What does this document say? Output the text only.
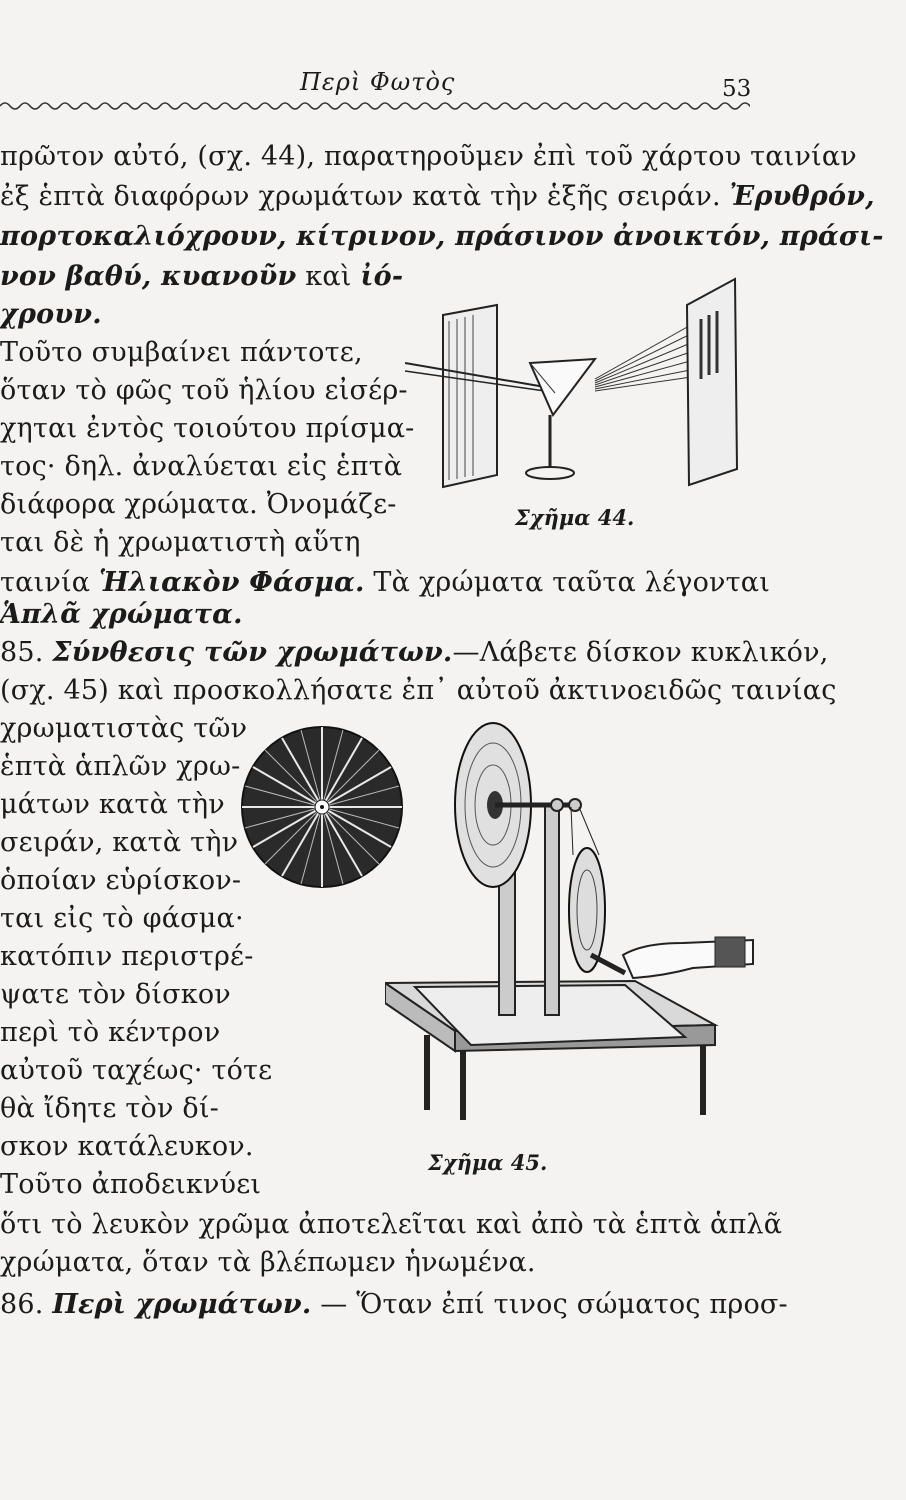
Περὶ Φωτὸς	53
πρῶτον αὐτό, (σχ. 44), παρατηροῦμεν ἐπὶ τοῦ χάρτου ταινίαν
ἐξ ἑπτὰ διαφόρων χρωμάτων κατὰ τὴν ἑξῆς σειράν. Ἐρυθρόν,
πορτοκαλιόχρουν, κίτρινον, πράσινον ἀνοικτόν, πράσι-
νον βαθύ, κυανοῦν καὶ ἰό-
χρουν.
Τοῦτο συμβαίνει πάντοτε,
ὅταν τὸ φῶς τοῦ ἡλίου εἰσέρ-
χηται ἐντὸς τοιούτου πρίσμα-
τος· δηλ. ἀναλύεται εἰς ἑπτὰ
διάφορα χρώματα. Ὀνομάζε-
ται δὲ ἡ χρωματιστὴ αὕτη
ταινία Ἡλιακὸν Φάσμα. Τὰ χρώματα ταῦτα λέγονται
Ἁπλᾶ χρώματα.
85. Σύνθεσις τῶν χρωμάτων.—Λάβετε δίσκον κυκλικόν,
(σχ. 45) καὶ προσκολλήσατε ἐπ᾽ αὐτοῦ ἀκτινοειδῶς ταινίας
χρωματιστὰς τῶν
ἑπτὰ ἁπλῶν χρω-
μάτων κατὰ τὴν
σειράν, κατὰ τὴν
ὁποίαν εὑρίσκον-
ται εἰς τὸ φάσμα·
κατόπιν περιστρέ-
ψατε τὸν δίσκον
περὶ τὸ κέντρον
αὐτοῦ ταχέως· τότε
θὰ ἴδητε τὸν δί-
σκον κατάλευκον.
Τοῦτο ἀποδεικνύει
ὅτι τὸ λευκὸν χρῶμα ἀποτελεῖται καὶ ἀπὸ τὰ ἑπτὰ ἁπλᾶ
χρώματα, ὅταν τὰ βλέπωμεν ἡνωμένα.
86. Περὶ χρωμάτων. — Ὅταν ἐπί τινος σώματος προσ-
Σχῆμα 44.
Σχῆμα 45.
